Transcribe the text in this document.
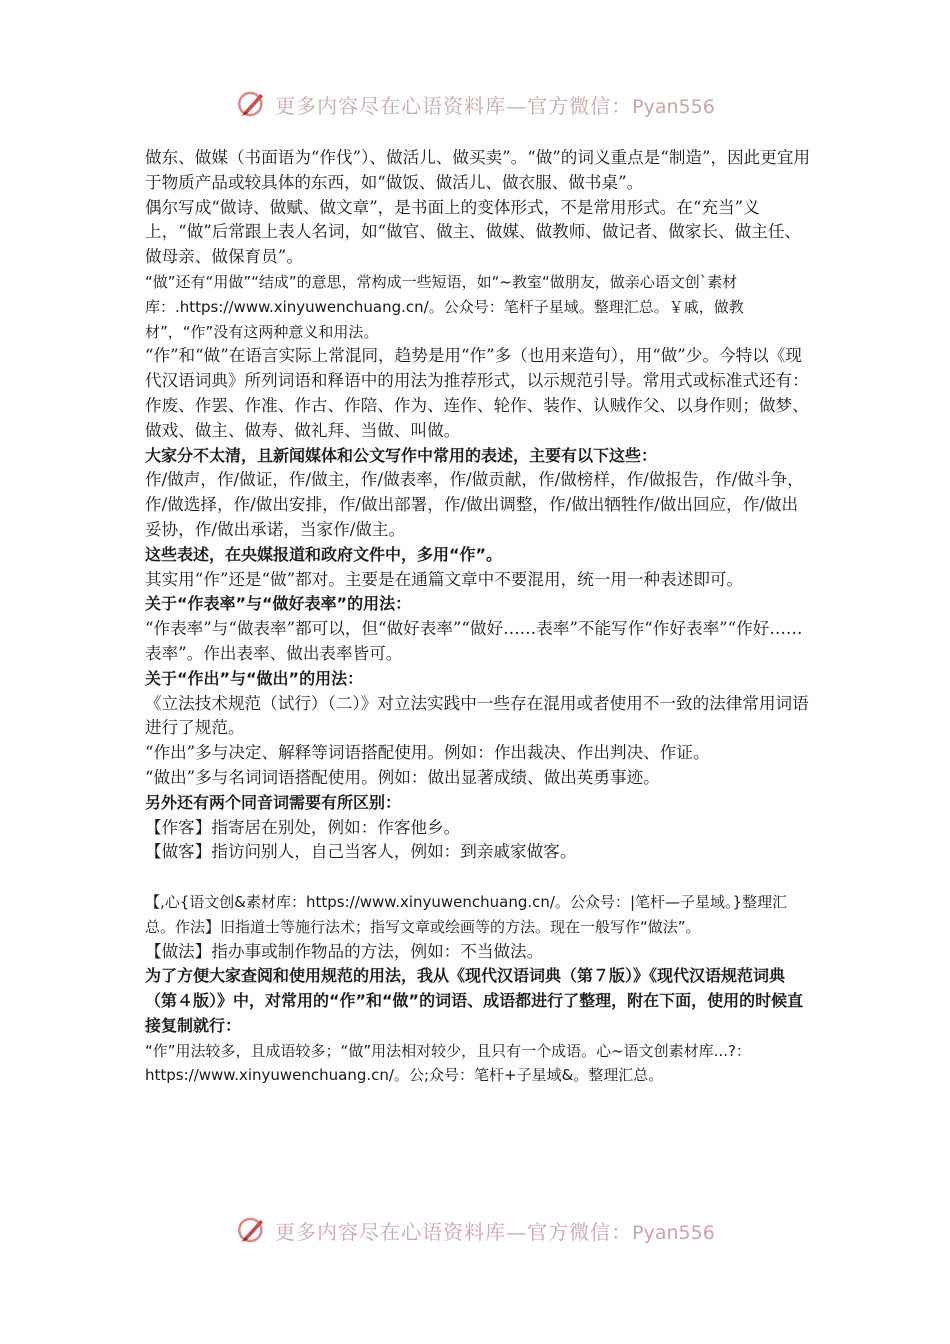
更多内容尽在心语资料库—官方微信：Pyan556

做东、做媒（书面语为“作伐”）、做活儿、做买卖”。“做”的词义重点是“制造”，因此更宜用于物质产品或较具体的东西，如“做饭、做活儿、做衣服、做书桌”。

偶尔写成“做诗、做赋、做文章”，是书面上的变体形式，不是常用形式。在“充当”义上，“做”后常跟上表人名词，如“做官、做主、做媒、做教师、做记者、做家长、做主任、做母亲、做保育员”。

“做”还有“用做”“结成”的意思，常构成一些短语，如“~教室“做朋友，做亲心语文创`素材库：.https://www.xinyuwenchuang.cn/。公众号：笔杆子星域。整理汇总。￥戚，做教材”，“作”没有这两种意义和用法。

“作”和“做”在语言实际上常混同，趋势是用“作”多（也用来造句），用“做”少。今特以《现代汉语词典》所列词语和释语中的用法为推荐形式，以示规范引导。常用式或标准式还有：作废、作罢、作准、作古、作陪、作为、连作、轮作、装作、认贼作父、以身作则；做梦、做戏、做主、做寿、做礼拜、当做、叫做。

大家分不太清，且新闻媒体和公文写作中常用的表述，主要有以下这些：

作/做声，作/做证，作/做主，作/做表率，作/做贡献，作/做榜样，作/做报告，作/做斗争，作/做选择，作/做出安排，作/做出部署，作/做出调整，作/做出牺牲作/做出回应，作/做出妥协，作/做出承诺，当家作/做主。

这些表述，在央媒报道和政府文件中，多用“作”。

其实用“作”还是“做”都对。主要是在通篇文章中不要混用，统一用一种表述即可。

关于“作表率”与“做好表率”的用法：

“作表率”与“做表率”都可以，但“做好表率”“做好……表率”不能写作“作好表率”“作好……表率”。作出表率、做出表率皆可。

关于“作出”与“做出”的用法：

《立法技术规范（试行）（二）》对立法实践中一些存在混用或者使用不一致的法律常用词语进行了规范。

“作出”多与决定、解释等词语搭配使用。例如：作出裁决、作出判决、作证。

“做出”多与名词词语搭配使用。例如：做出显著成绩、做出英勇事迹。

另外还有两个同音词需要有所区别：

【作客】指寄居在别处，例如：作客他乡。

【做客】指访问别人，自己当客人，例如：到亲戚家做客。

【,心{语文创&素材库：https://www.xinyuwenchuang.cn/。公众号：|笔杆—子星域。}整理汇总。作法】旧指道士等施行法术；指写文章或绘画等的方法。现在一般写作“做法”。

【做法】指办事或制作物品的方法，例如：不当做法。

为了方便大家查阅和使用规范的用法，我从《现代汉语词典（第７版）》《现代汉语规范词典（第４版）》中，对常用的“作”和“做”的词语、成语都进行了整理，附在下面，使用的时候直接复制就行：

“作”用法较多，且成语较多；“做”用法相对较少，且只有一个成语。心~语文创素材库...?：https://www.xinyuwenchuang.cn/。公;众号：笔杆+子星域&。整理汇总。

更多内容尽在心语资料库—官方微信：Pyan556
